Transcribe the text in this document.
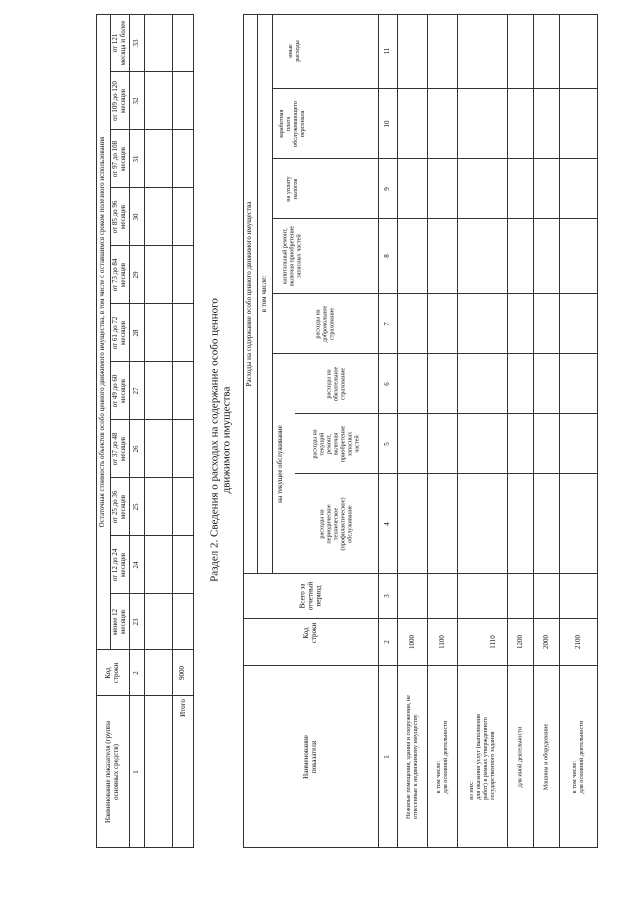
Наименование показателя (группа
основных средств)
Код
строки
Остаточная стоимость объектов особо ценного движимого имущества, в том числе с оставшимся сроком полезного использования
менее 12
месяцев
от 12 до 24
месяцев
от 25 до 36
месяцев
от 37 до 48
месяцев
от 49 до 60
месяцев
от 61 до 72
месяцев
от 73 до 84
месяцев
от 85 до 96
месяцев
от 97 до 108
месяцев
от 109 до 120
месяцев
от 121
месяца и более
1
2
23
24
25
26
27
28
29
30
31
32
33
Итого
9000
Раздел 2. Сведения о расходах на содержание особо ценного
движимого имущества
Наименование
показателя
Код
строки
Всего за
отчетный
период
Расходы на содержание особо ценного движимого имущества в том числе:
на текущее обслуживание
расходы на
периодическое
техническое
(профилактическое)
обслуживание
расходы на
текущий
ремонт,
включая
приобретение
запасных
частей
расходы на
обязательное
страхование
расходы на
добровольное
страхование
капитальный ремонт,
включая приобретение
запасных частей
на уплату
налогов
заработная
плата
обслуживающего
персонала
иные
расходы
1
2
3
4
5
6
7
8
9
10
11
Нежилые помещения, здания и сооружения, не
отнесенные к недвижимому имуществу
1000
в том числе:
для основной деятельности
1100
из них:
для оказания услуг (выполнения
работ) в рамках утвержденного
государственного задания
1110
для иной деятельности
1200
Машины и оборудование
2000
в том числе:
для основной деятельности
2100
